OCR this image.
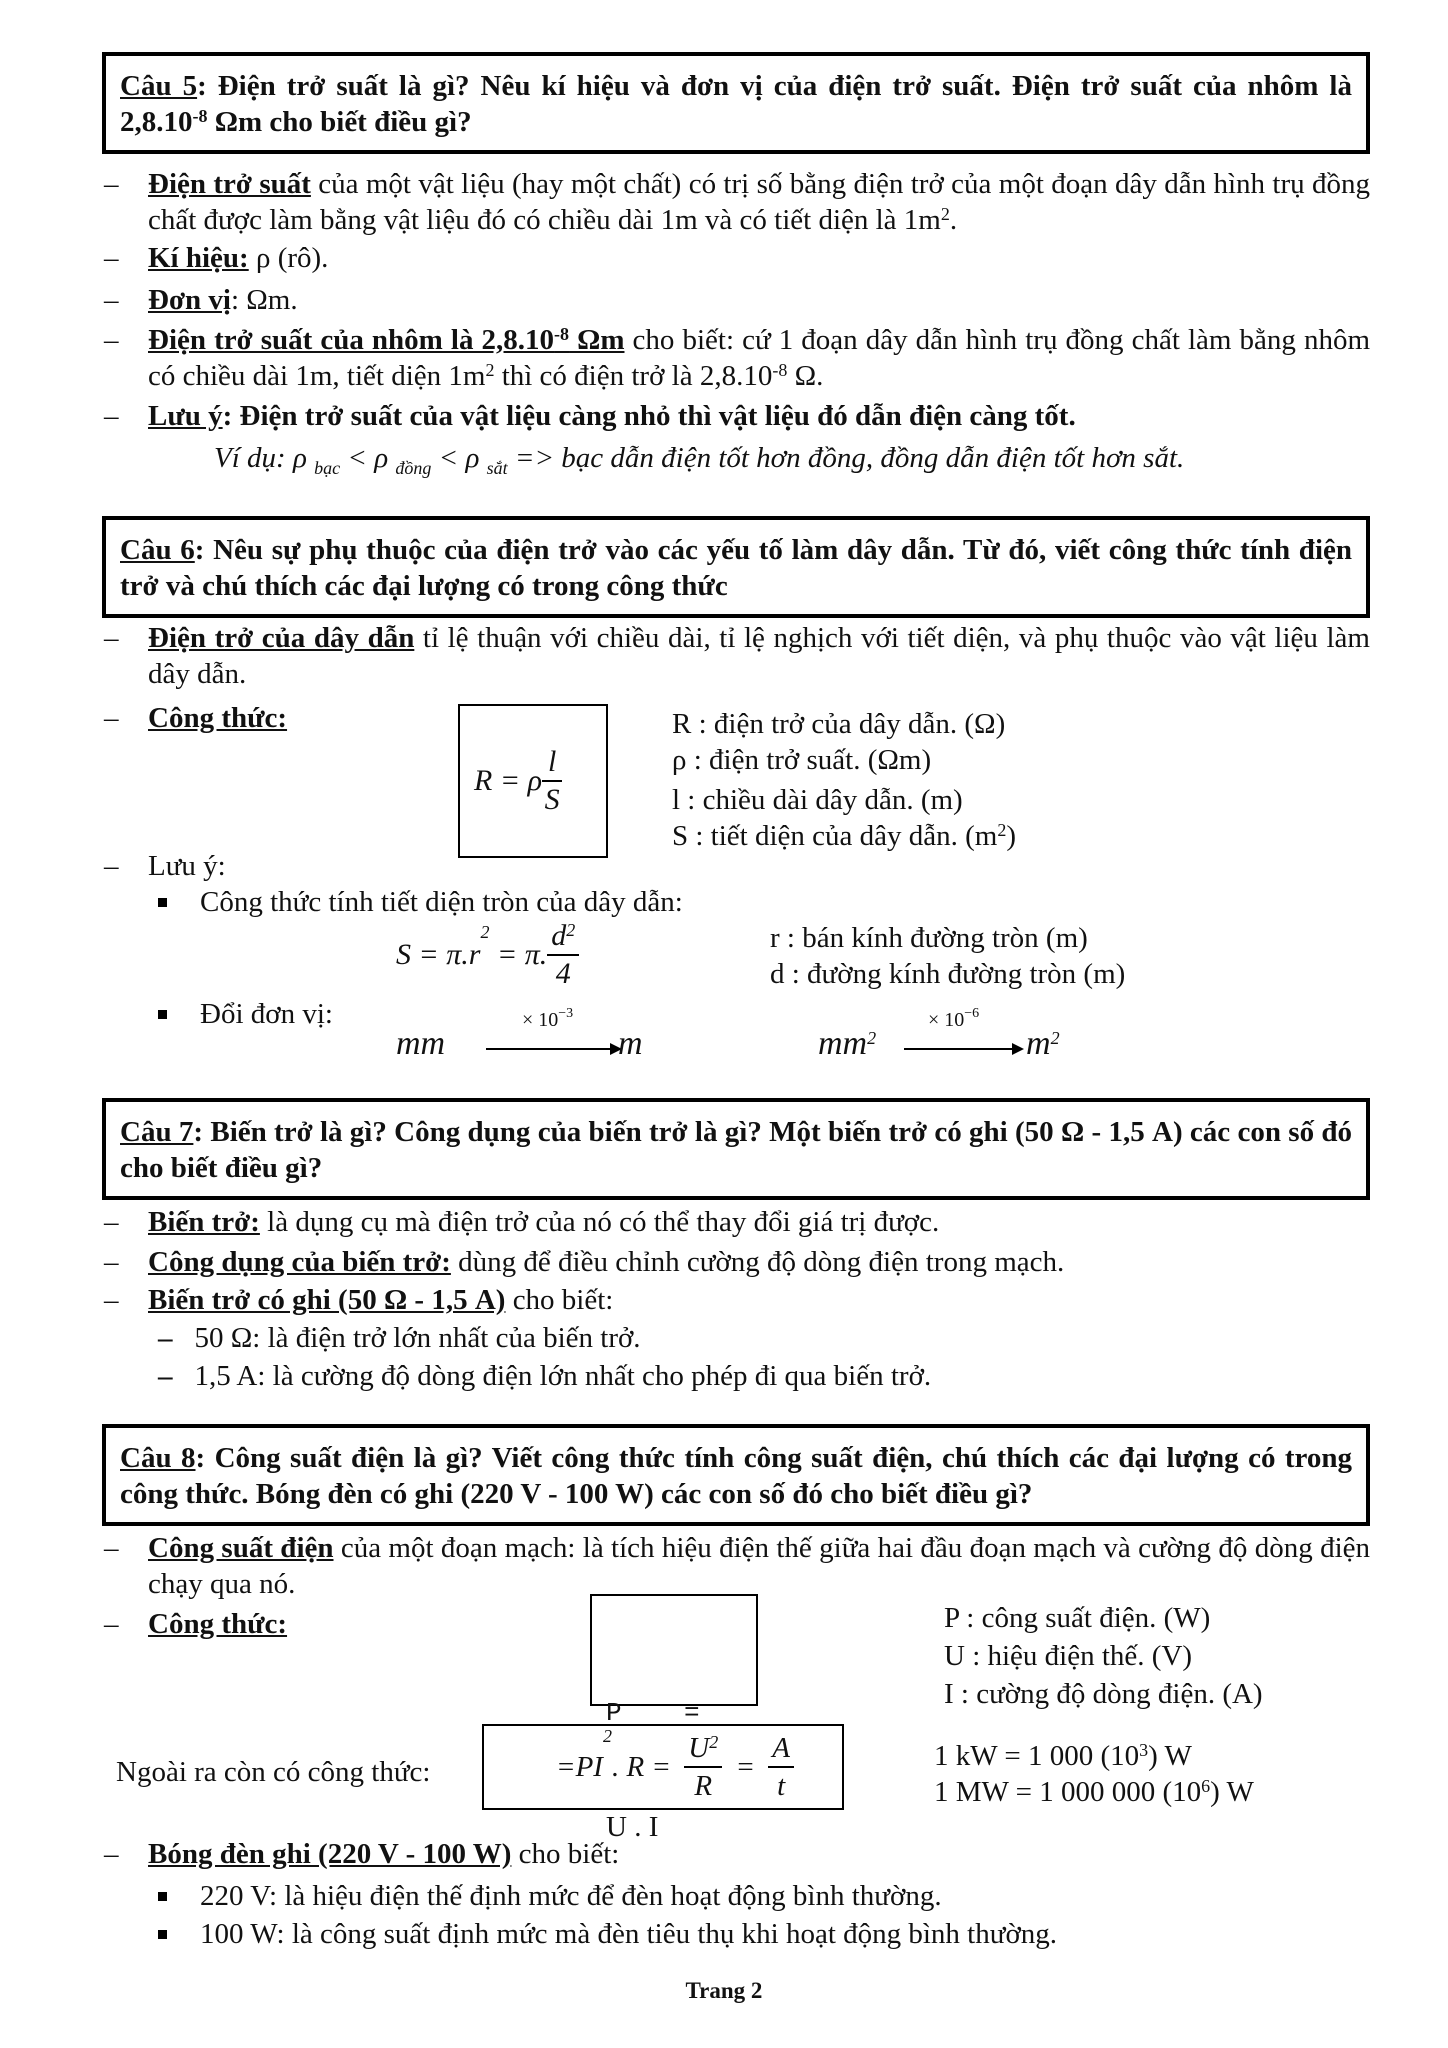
Câu 5: Điện trở suất là gì? Nêu kí hiệu và đơn vị của điện trở suất. Điện trở suất của nhôm là $2,8.10^{-8}$ Ωm cho biết điều gì?
– Điện trở suất của một vật liệu (hay một chất) có trị số bằng điện trở của một đoạn dây dẫn hình trụ đồng chất được làm bằng vật liệu đó có chiều dài 1m và có tiết diện là $1m^2$.
– Kí hiệu: ρ (rô).
– Đơn vị: Ωm.
– Điện trở suất của nhôm là $2,8.10^{-8}$ Ωm cho biết: cứ 1 đoạn dây dẫn hình trụ đồng chất làm bằng nhôm có chiều dài 1m, tiết diện $1m^2$ thì có điện trở là $2,8.10^{-8}$ Ω.
– Lưu ý: Điện trở suất của vật liệu càng nhỏ thì vật liệu đó dẫn điện càng tốt.
Ví dụ: ρ $_{bạc}$ < ρ $_{đồng}$ < ρ $_{sắt}$ => bạc dẫn điện tốt hơn đồng, đồng dẫn điện tốt hơn sắt.
Câu 6: Nêu sự phụ thuộc của điện trở vào các yếu tố làm dây dẫn. Từ đó, viết công thức tính điện trở và chú thích các đại lượng có trong công thức
– Điện trở của dây dẫn tỉ lệ thuận với chiều dài, tỉ lệ nghịch với tiết diện, và phụ thuộc vào vật liệu làm dây dẫn.
– Công thức:
R = ρ $\frac{l}{S}$
R : điện trở của dây dẫn. (Ω)
ρ : điện trở suất. (Ωm)
l : chiều dài dây dẫn. (m)
S : tiết diện của dây dẫn. $(m^2)$
– Lưu ý:
Công thức tính tiết diện tròn của dây dẫn:
$S = \pi.r^2 = \pi$. $\frac{d^2}{4}$	r : bán kính đường tròn (m)
d : đường kính đường tròn (m)
Đổi đơn vị:
mm
× $10^{-3}$
m	$mm^2$
× $10^{-6}$
$m^2$
Câu 7: Biến trở là gì? Công dụng của biến trở là gì? Một biến trở có ghi (50 Ω - 1,5 A) các con số đó cho biết điều gì?
– Biến trở: là dụng cụ mà điện trở của nó có thể thay đổi giá trị được.
– Công dụng của biến trở: dùng để điều chỉnh cường độ dòng điện trong mạch.
– Biến trở có ghi (50 Ω - 1,5 A) cho biết:
– 50 Ω: là điện trở lớn nhất của biến trở.
– 1,5 A: là cường độ dòng điện lớn nhất cho phép đi qua biến trở.
Câu 8: Công suất điện là gì? Viết công thức tính công suất điện, chú thích các đại lượng có trong công thức. Bóng đèn có ghi (220 V - 100 W) các con số đó cho biết điều gì?
– Công suất điện của một đoạn mạch: là tích hiệu điện thế giữa hai đầu đoạn mạch và cường độ dòng điện chạy qua nó.
– Công thức:

P    =

U . I

P : công suất điện. (W)
U : hiệu điện thế. (V)
I : cường độ dòng điện. (A)
Ngoài ra còn có công thức:	$=PI^2$. $R = \frac{U^2}{R} = \frac{A}{t}$	1 kW = 1 000 $(10^3)$ W
1 MW = 1 000 000 $(10^6)$ W
– Bóng đèn ghi (220 V - 100 W) cho biết:
220 V: là hiệu điện thế định mức để đèn hoạt động bình thường.
100 W: là công suất định mức mà đèn tiêu thụ khi hoạt động bình thường.
Trang 2
